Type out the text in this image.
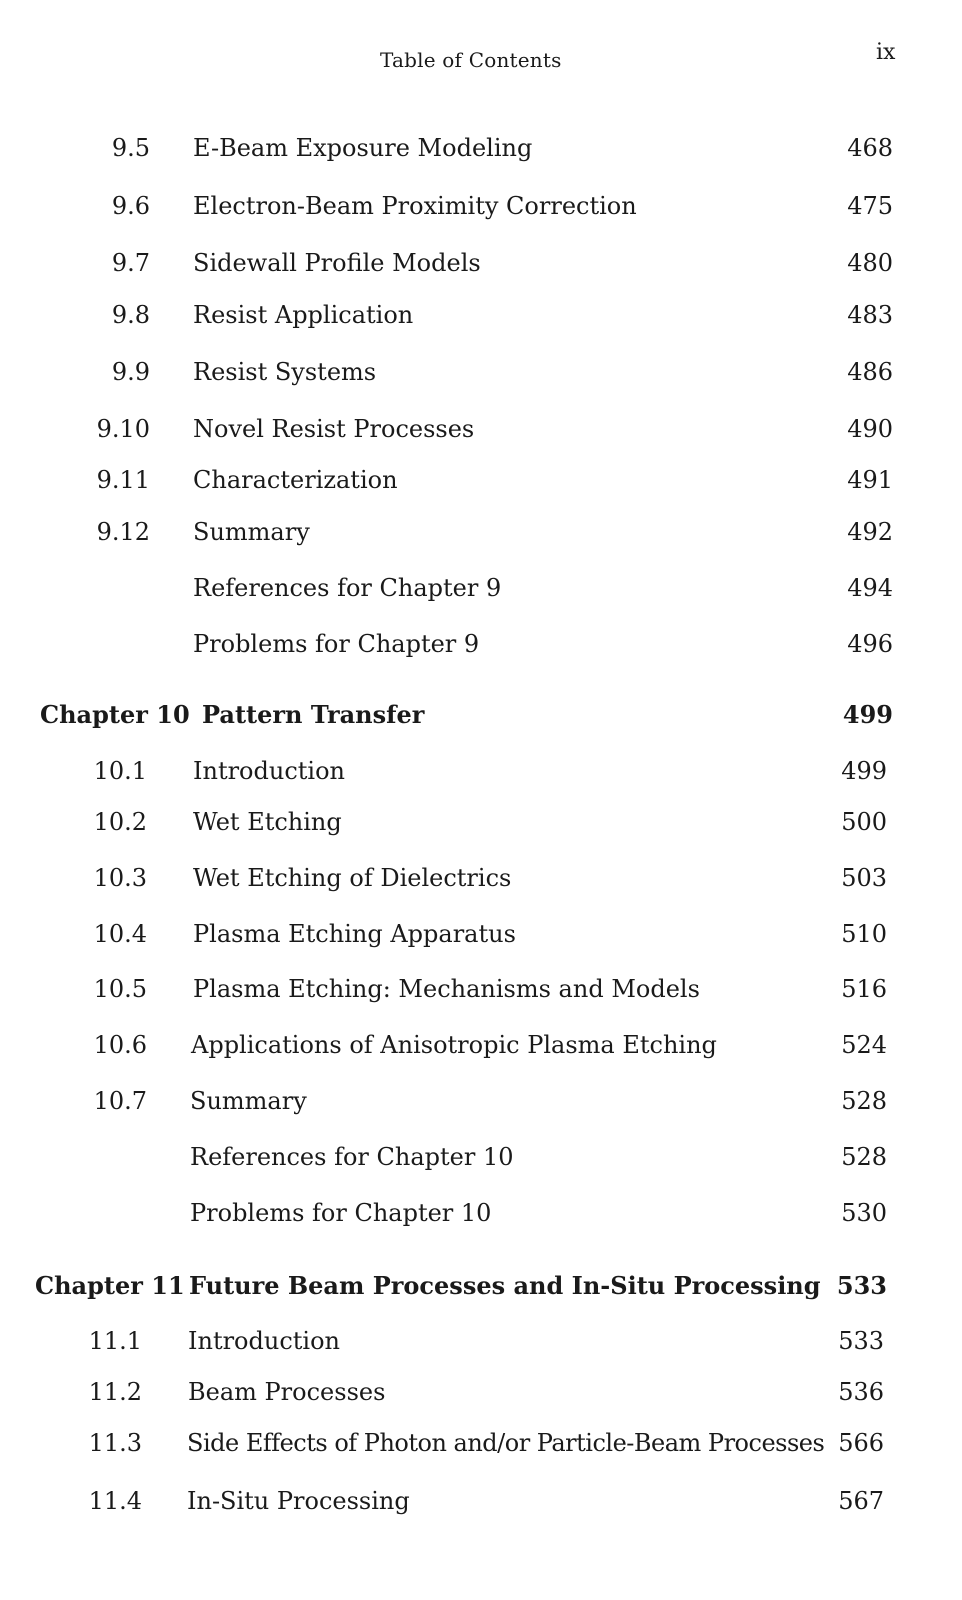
Table of Contents	ix
9.5 E-Beam Exposure Modeling	468
9.6 Electron-Beam Proximity Correction	475
9.7 Sidewall Profile Models	480
9.8 Resist Application	483
9.9 Resist Systems	486
9.10 Novel Resist Processes	490
9.11 Characterization	491
9.12 Summary	492
References for Chapter 9	494
Problems for Chapter 9	496
Chapter 10 Pattern Transfer	499
10.1 Introduction	499
10.2 Wet Etching	500
10.3 Wet Etching of Dielectrics	503
10.4 Plasma Etching Apparatus	510
10.5 Plasma Etching: Mechanisms and Models	516
10.6 Applications of Anisotropic Plasma Etching	524
10.7 Summary	528
References for Chapter 10	528
Problems for Chapter 10	530
Chapter 11 Future Beam Processes and In-Situ Processing 533
11.1 Introduction	533
11.2 Beam Processes	536
11.3 Side Effects of Photon and/or Particle-Beam Processes 566
11.4 In-Situ Processing	567
